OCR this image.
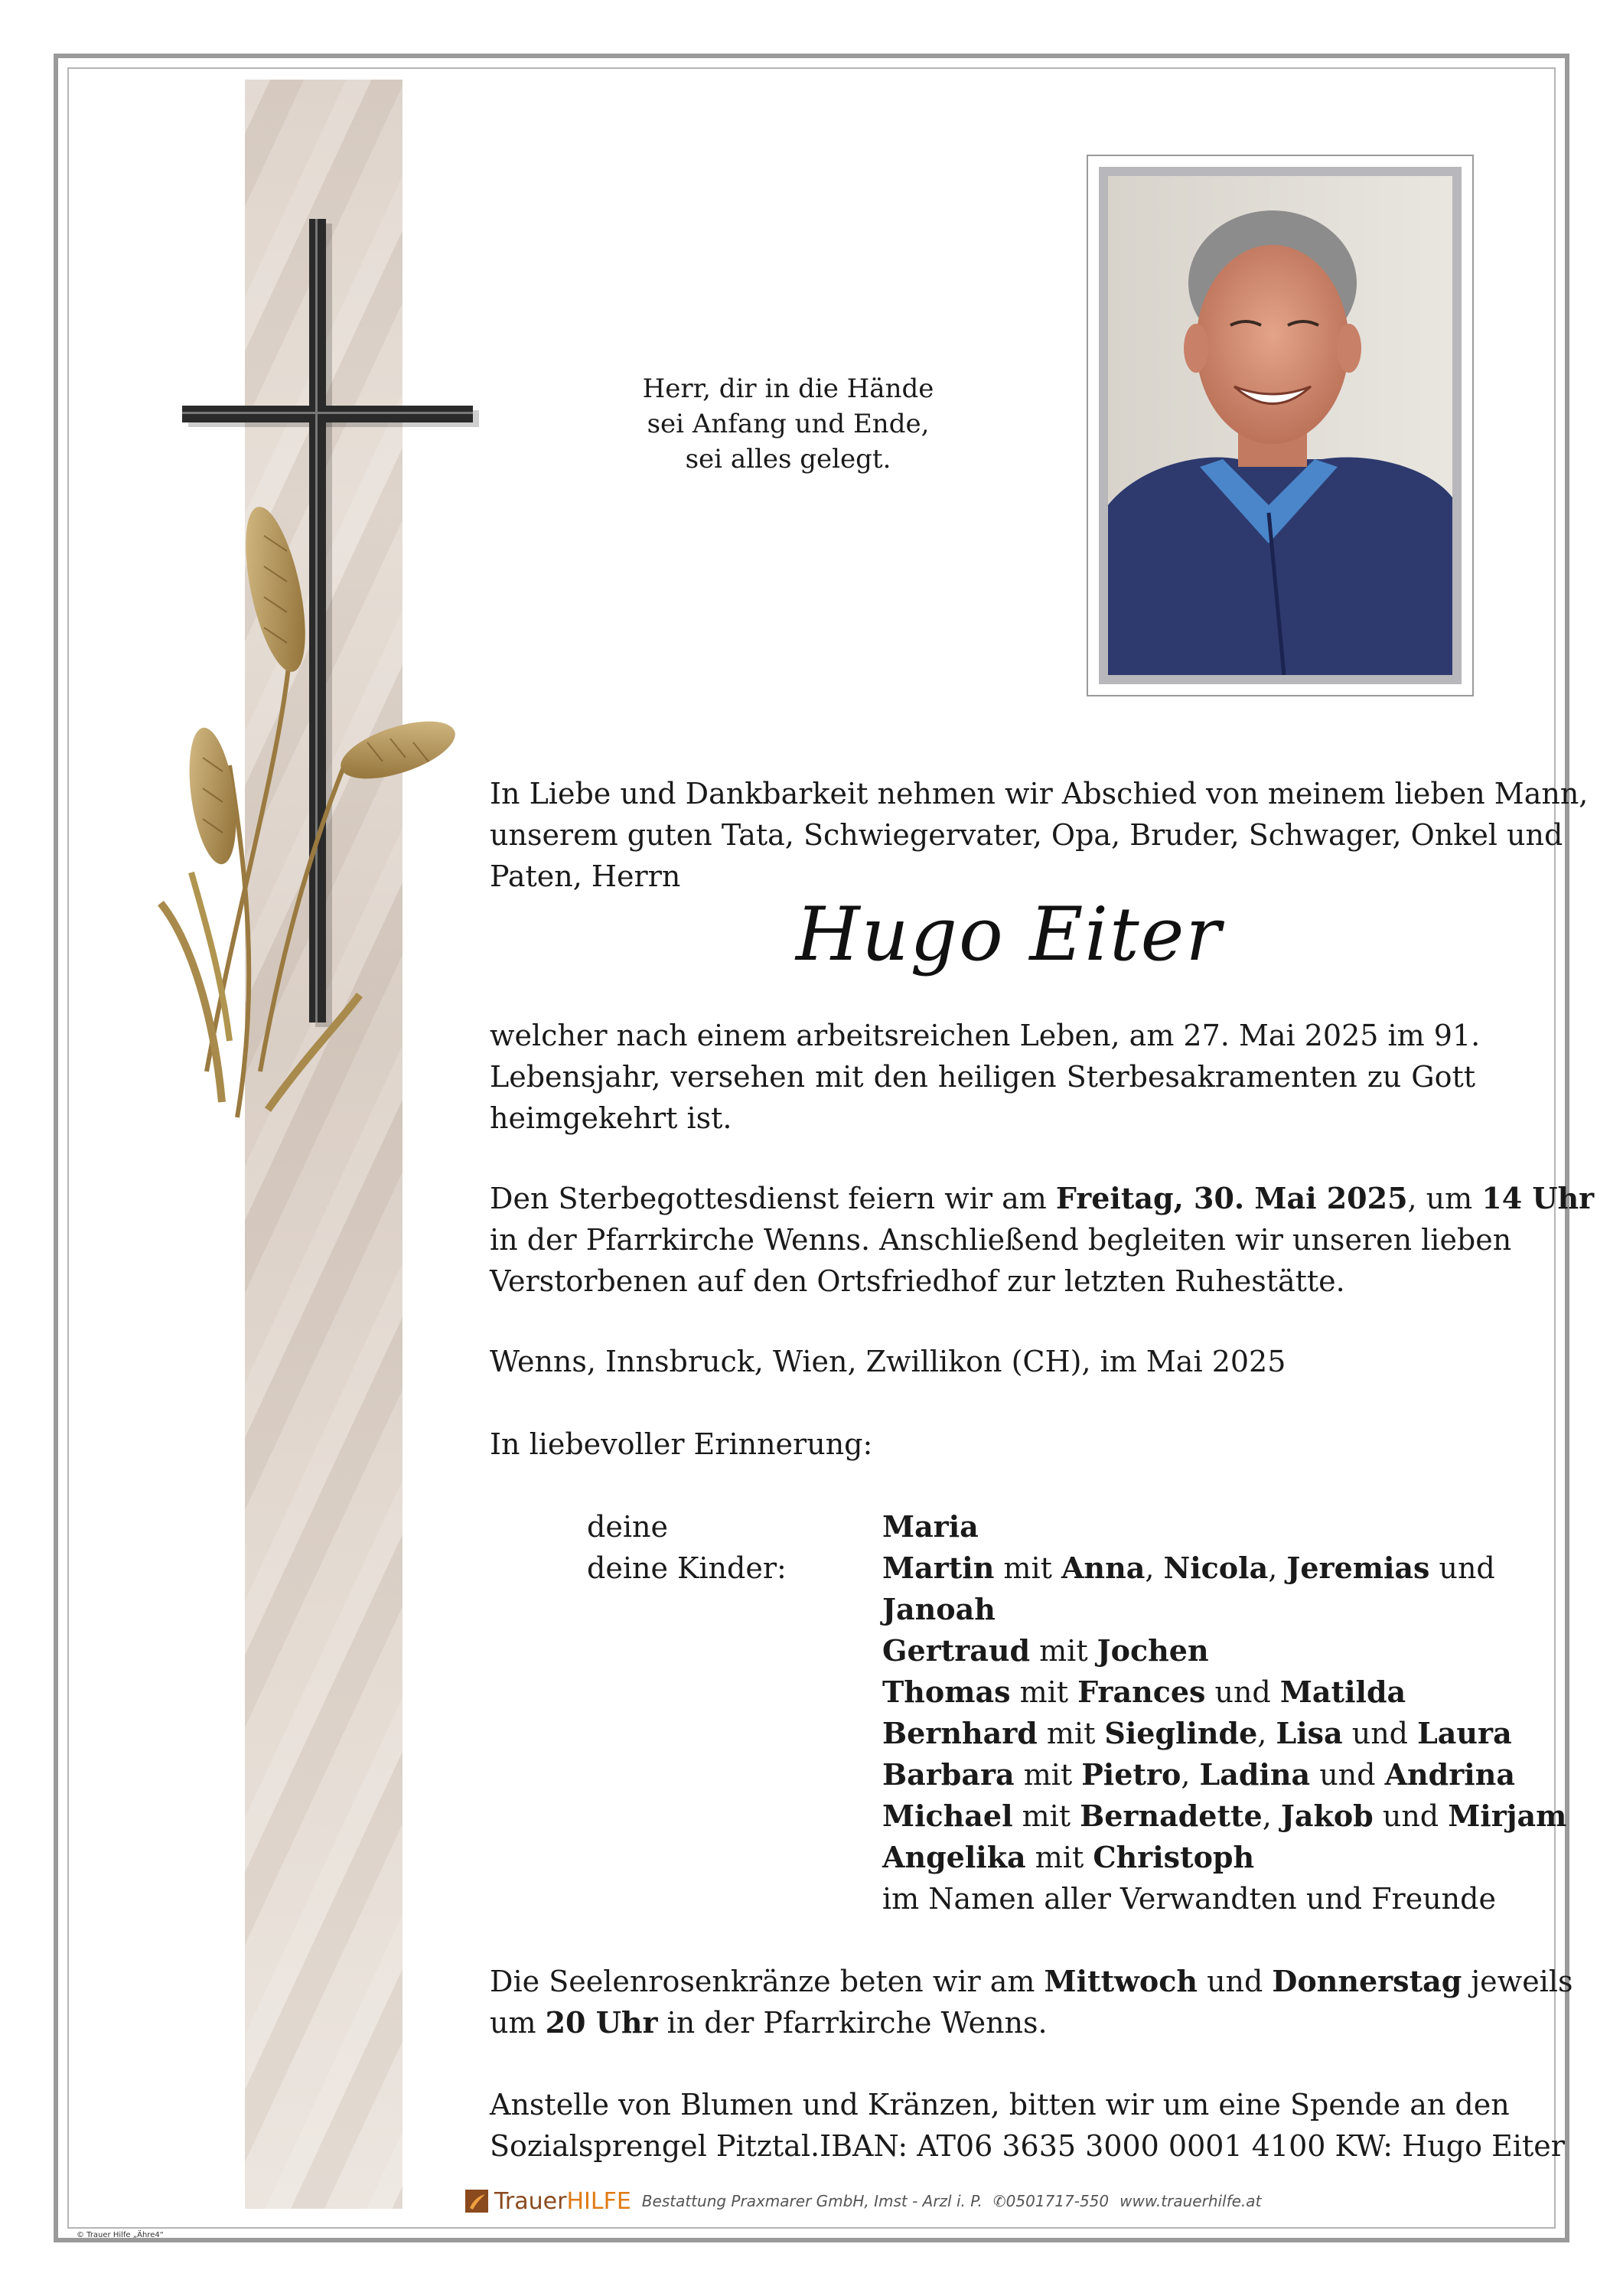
Herr, dir in die Hände
sei Anfang und Ende,
sei alles gelegt.
In Liebe und Dankbarkeit nehmen wir Abschied von meinem lieben Mann,
unserem guten Tata, Schwiegervater, Opa, Bruder, Schwager, Onkel und
Paten, Herrn
Hugo Eiter
welcher nach einem arbeitsreichen Leben, am 27. Mai 2025 im 91.
Lebensjahr, versehen mit den heiligen Sterbesakramenten zu Gott
heimgekehrt ist.
Den Sterbegottesdienst feiern wir am Freitag, 30. Mai 2025, um 14 Uhr
in der Pfarrkirche Wenns. Anschließend begleiten wir unseren lieben
Verstorbenen auf den Ortsfriedhof zur letzten Ruhestätte.
Wenns, Innsbruck, Wien, Zwillikon (CH), im Mai 2025
In liebevoller Erinnerung:
deine
deine Kinder:
Maria
Martin mit Anna, Nicola, Jeremias und
Janoah
Gertraud mit Jochen
Thomas mit Frances und Matilda
Bernhard mit Sieglinde, Lisa und Laura
Barbara mit Pietro, Ladina und Andrina
Michael mit Bernadette, Jakob und Mirjam
Angelika mit Christoph
im Namen aller Verwandten und Freunde
Die Seelenrosenkränze beten wir am Mittwoch und Donnerstag jeweils
um 20 Uhr in der Pfarrkirche Wenns.
Anstelle von Blumen und Kränzen, bitten wir um eine Spende an den
Sozialsprengel Pitztal.IBAN: AT06 3635 3000 0001 4100 KW: Hugo Eiter
Trauer HILFE Bestattung Praxmarer GmbH, Imst - Arzl i. P. ✆0501717-550 www.trauerhilfe.at
© Trauer Hilfe „Ähre4“
